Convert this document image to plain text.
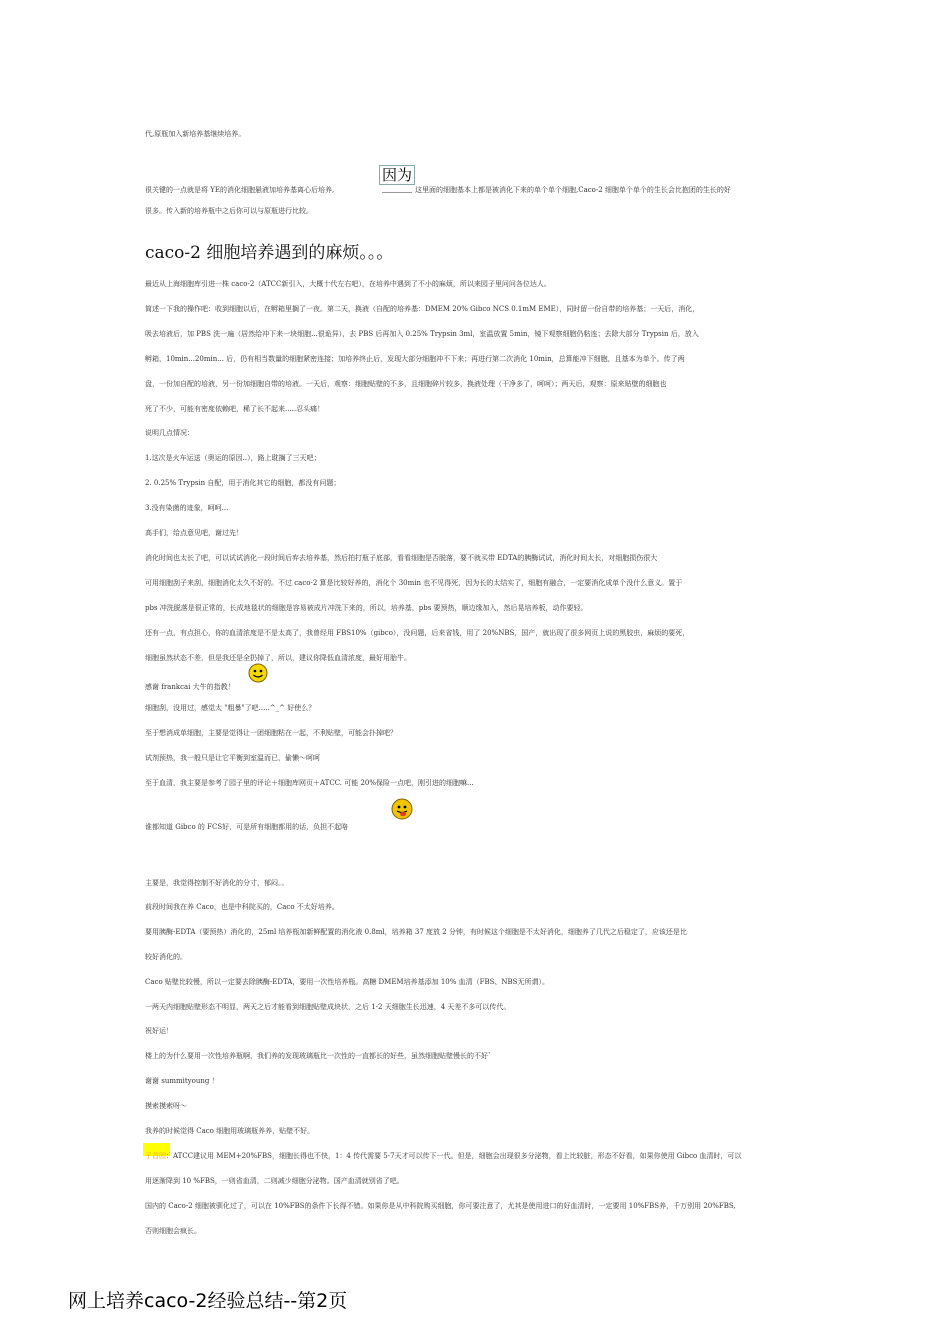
代,原瓶加入新培养基继续培养。
因为
很关键的一点就是将 YE的消化细胞悬液加培养基离心后培养,	这里面的细胞基本上都是被消化下来的单个单个细胞,Caco-2 细胞单个单个的生长会比抱团的生长的好
很多。传入新的培养瓶中之后你可以与原瓶进行比较。
caco-2 细胞培养遇到的麻烦。。。
最近从上海细胞库引进一株 caco-2（ATCC新引入，大概十代左右吧），在培养中遇到了不小的麻烦，所以来园子里问问各位达人。
简述一下我的操作吧：收到细胞以后，在孵箱里搁了一夜。第二天，换液（自配的培养基：DMEM 20% Gibco NCS 0.1mM EME），同时留一份自带的培养基；一天后，消化，
吸去培液后，加 PBS 洗一遍（居然给冲下来一块细胞...很诡异），去 PBS 后再加入 0.25% Trypsin 3ml，室温放置 5min，镜下观察细胞仍粘连；去除大部分 Trypsin 后，放入
孵箱，10min...20min... 后，仍有相当数量的细胞紧密连接；加培养终止后，发现大部分细胞冲不下来；再进行第二次消化 10min，总算能冲下细胞，且基本为单个。传了两
盘，一份加自配的培液，另一份加细胞自带的培液。一天后，观察：细胞贴壁的不多，且细胞碎片较多，换液处理（干净多了，呵呵）；两天后，观察：原来贴壁的细胞也
死了不少，可能有密度依赖吧，稀了长不起来.....忍头痛！
说明几点情况：
1.这次是火车运送（奥运的原因..），路上耽搁了三天吧；
2. 0.25% Trypsin 自配，用于消化其它的细胞，都没有问题；
3.没有染菌的迹象，呵呵...
高手们，给点意见吧，谢过先！
消化时间也太长了吧，可以试试消化一段时间后弃去培养基，然后拍打瓶子底部，看看细胞是否脱落，要不就买带 EDTA的胰酶试试，消化时间太长，对细胞损伤很大
可用细胞刮子来刮，细胞消化太久不好的。不过 caco-2 算是比较好养的，消化个 30min 也不见得死，因为长的太结实了，细胞有融合，一定要消化成单个没什么意义。置于
pbs 冲洗脱落是很正常的，长成地毯状的细胞是容易被成片冲洗下来的，所以，培养基，pbs 要预热，顺边缘加入，然后晃培养板，动作要轻。
还有一点，有点担心，你的血清浓度是不是太高了，我曾经用 FBS10%（gibco），没问题，后来省钱，用了 20%NBS，国产，就出现了很多网页上说的黑胶虫，麻烦的要死，
细胞虽然状态不差，但是我还是全扔掉了，所以，建议你降低血清浓度，最好用胎牛。
感谢 frankcai 大牛的指教！
细胞刮，没用过，感觉太 "粗暴"了吧.....^_^ 好使么？
至于想消成单细胞，主要是觉得让一团细胞粘在一起，不利贴壁，可能会扑掉吧？
试剂预热，我一般只是让它平衡到室温而已，偷懒～呵呵
至于血清，我主要是参考了园子里的评论＋细胞库网页＋ATCC. 可能 20%保险一点吧，刚引进的细胞嘛...
谁都知道 Gibco 的 FCS好，可是所有细胞都用的话，负担不起咯
主要是，我觉得控制不好消化的分寸，郁闷。。
前段时间我在养 Caco，也是中科院买的，Caco 不太好培养。
要用胰酶-EDTA（要预热）消化的，25ml 培养瓶加新鲜配置的消化液 0.8ml，培养箱 37 度放 2 分钟，有时候这个细胞是不太好消化，细胞养了几代之后稳定了，应该还是比
较好消化的。
Caco 贴壁比较慢，所以一定要去除胰酶-EDTA，要用一次性培养瓶。高糖 DMEM培养基添加 10% 血清（FBS、NBS无所谓）。
一两天内细胞贴壁形态不明显，两天之后才能看到细胞贴壁成块状，之后 1-2 天细胞生长迅速，4 天差不多可以传代。
祝好运！
楼上的为什么要用一次性培养瓶啊，我们养的发现玻璃瓶比一次性的一直都长的好些，虽然细胞贴壁慢长的不好`
谢谢 summityoung ！
摸索摸索呀～
我养的时候觉得 Caco 细胞用玻璃瓶养养，贴壁不好。
子首园：ATCC建议用 MEM+20%FBS，细胞长得也不快，1：4 传代需要 5-7天才可以传下一代。但是，细胞会出现很多分泌物，看上比较脏，形态不好看，如果你使用 Gibco 血清时，可以
用逐渐降到 10 %FBS，一则省血清，二则减少细胞分泌物。国产血清就别省了吧。
国内的 Caco-2 细胞被驯化过了，可以在 10%FBS的条件下长得不错。如果你是从中科院购买细胞，你可要注意了，尤其是使用进口的好血清时，一定要用 10%FBS养，千万别用 20%FBS,
否则细胞会疯长。
网上培养caco-2经验总结--第2页
